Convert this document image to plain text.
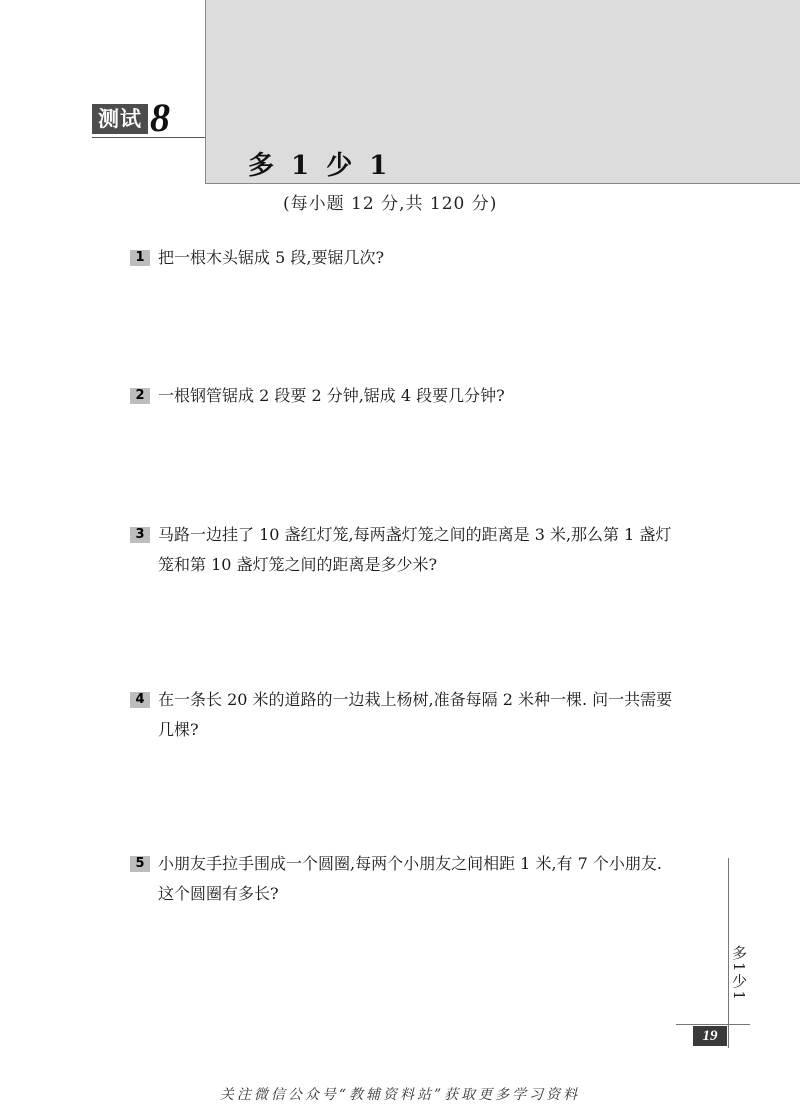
测试 8
多 1 少 1
(每小题 12 分,共 120 分)
1 把一根木头锯成 5 段,要锯几次?
2 一根钢管锯成 2 段要 2 分钟,锯成 4 段要几分钟?
3 马路一边挂了 10 盏红灯笼,每两盏灯笼之间的距离是 3 米,那么第 1 盏灯
笼和第 10 盏灯笼之间的距离是多少米?
4 在一条长 20 米的道路的一边栽上杨树,准备每隔 2 米种一棵. 问一共需要
几棵?
5 小朋友手拉手围成一个圆圈,每两个小朋友之间相距 1 米,有 7 个小朋友.
这个圆圈有多长?
多1少1
19
关注微信公众号“教辅资料站”获取更多学习资料
